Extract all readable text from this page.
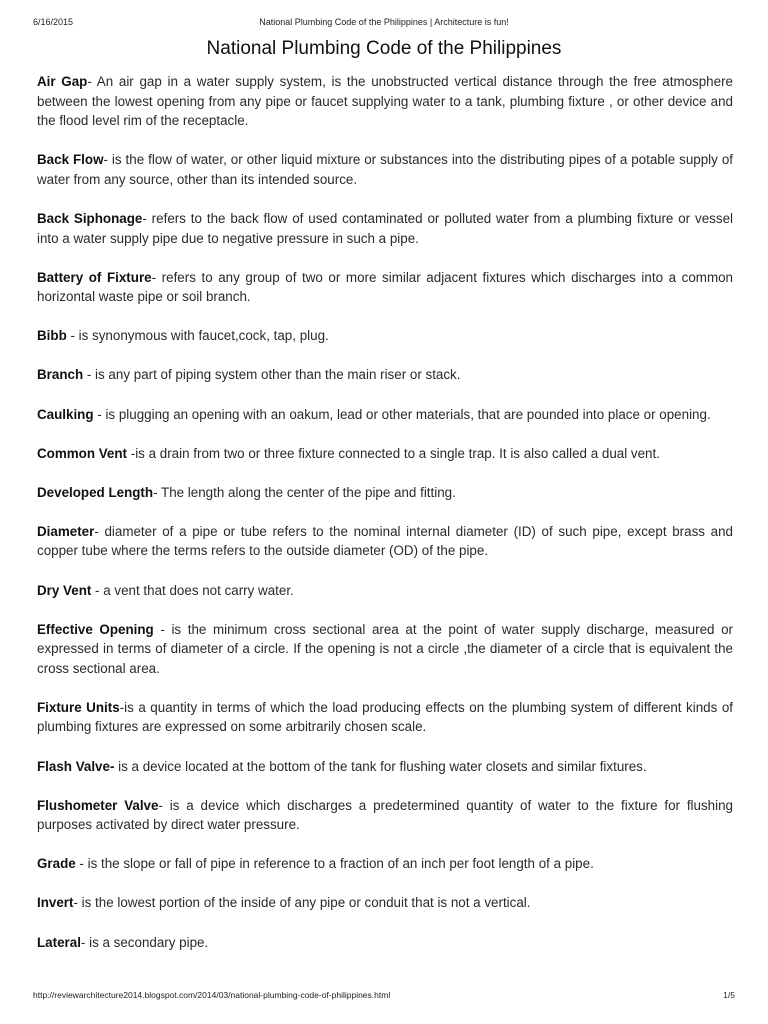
6/16/2015	National Plumbing Code of the Philippines | Architecture is fun!
National Plumbing Code of the Philippines

Air Gap- An air gap in a water supply system, is the unobstructed vertical distance through the free atmosphere between the lowest opening from any pipe or faucet supplying water to a tank, plumbing fixture , or other device and the flood level rim of the receptacle.

Back Flow- is the flow of water, or other liquid mixture or substances into the distributing pipes of a potable supply of water from any source, other than its intended source.

Back Siphonage- refers to the back flow of used contaminated or polluted water from a plumbing fixture or vessel into a water supply pipe due to negative pressure in such a pipe.

Battery of Fixture- refers to any group of two or more similar adjacent fixtures which discharges into a common horizontal waste pipe or soil branch.

Bibb - is synonymous with faucet,cock, tap, plug.

Branch - is any part of piping system other than the main riser or stack.

Caulking - is plugging an opening with an oakum, lead or other materials, that are pounded into place or opening.

Common Vent -is a drain from two or three fixture connected to a single trap. It is also called a dual vent.

Developed Length- The length along the center of the pipe and fitting.

Diameter- diameter of a pipe or tube refers to the nominal internal diameter (ID) of such pipe, except brass and copper tube where the terms refers to the outside diameter (OD) of the pipe.

Dry Vent - a vent that does not carry water.

Effective Opening - is the minimum cross sectional area at the point of water supply discharge, measured or expressed in terms of diameter of a circle. If the opening is not a circle ,the diameter of a circle that is equivalent the cross sectional area.

Fixture Units-is a quantity in terms of which the load producing effects on the plumbing system of different kinds of plumbing fixtures are expressed on some arbitrarily chosen scale.

Flash Valve- is a device located at the bottom of the tank for flushing water closets and similar fixtures.

Flushometer Valve- is a device which discharges a predetermined quantity of water to the fixture for flushing purposes activated by direct water pressure.

Grade - is the slope or fall of pipe in reference to a fraction of an inch per foot length of a pipe.

Invert- is the lowest portion of the inside of any pipe or conduit that is not a vertical.

Lateral- is a secondary pipe.

http://reviewarchitecture2014.blogspot.com/2014/03/national-plumbing-code-of-philippines.html	1/5
